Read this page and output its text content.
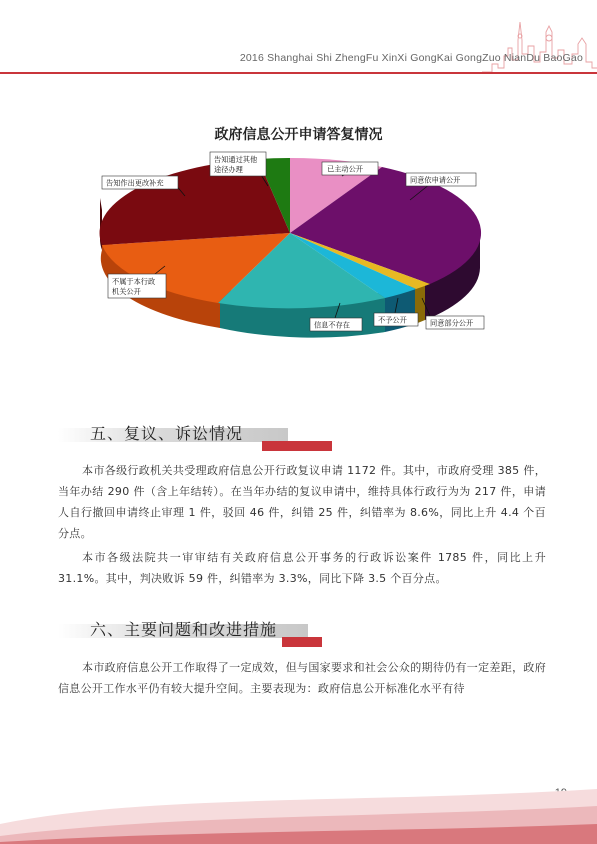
2016 Shanghai Shi ZhengFu XinXi GongKai GongZuo NianDu BaoGao
政府信息公开申请答复情况
告知通过其他
途径办理	已主动公开
告知作出更改补充	同意依申请公开
不属于本行政
机关公开
信息不存在
不予公开	同意部分公开
五、复议、诉讼情况
本市各级行政机关共受理政府信息公开行政复议申请 1172 件。其中，市政府受理 385 件，当年办结 290 件（含上年结转）。在当年办结的复议申请中，维持具体行政行为为 217 件，申请人自行撤回申请终止审理 1 件，驳回 46 件，纠错 25 件，纠错率为 8.6%，同比上升 4.4 个百分点。
本市各级法院共一审审结有关政府信息公开事务的行政诉讼案件 1785 件，同比上升 31.1%。其中，判决败诉 59 件，纠错率为 3.3%，同比下降 3.5 个百分点。
六、主要问题和改进措施
本市政府信息公开工作取得了一定成效，但与国家要求和社会公众的期待仍有一定差距，政府信息公开工作水平仍有较大提升空间。主要表现为：政府信息公开标准化水平有待
